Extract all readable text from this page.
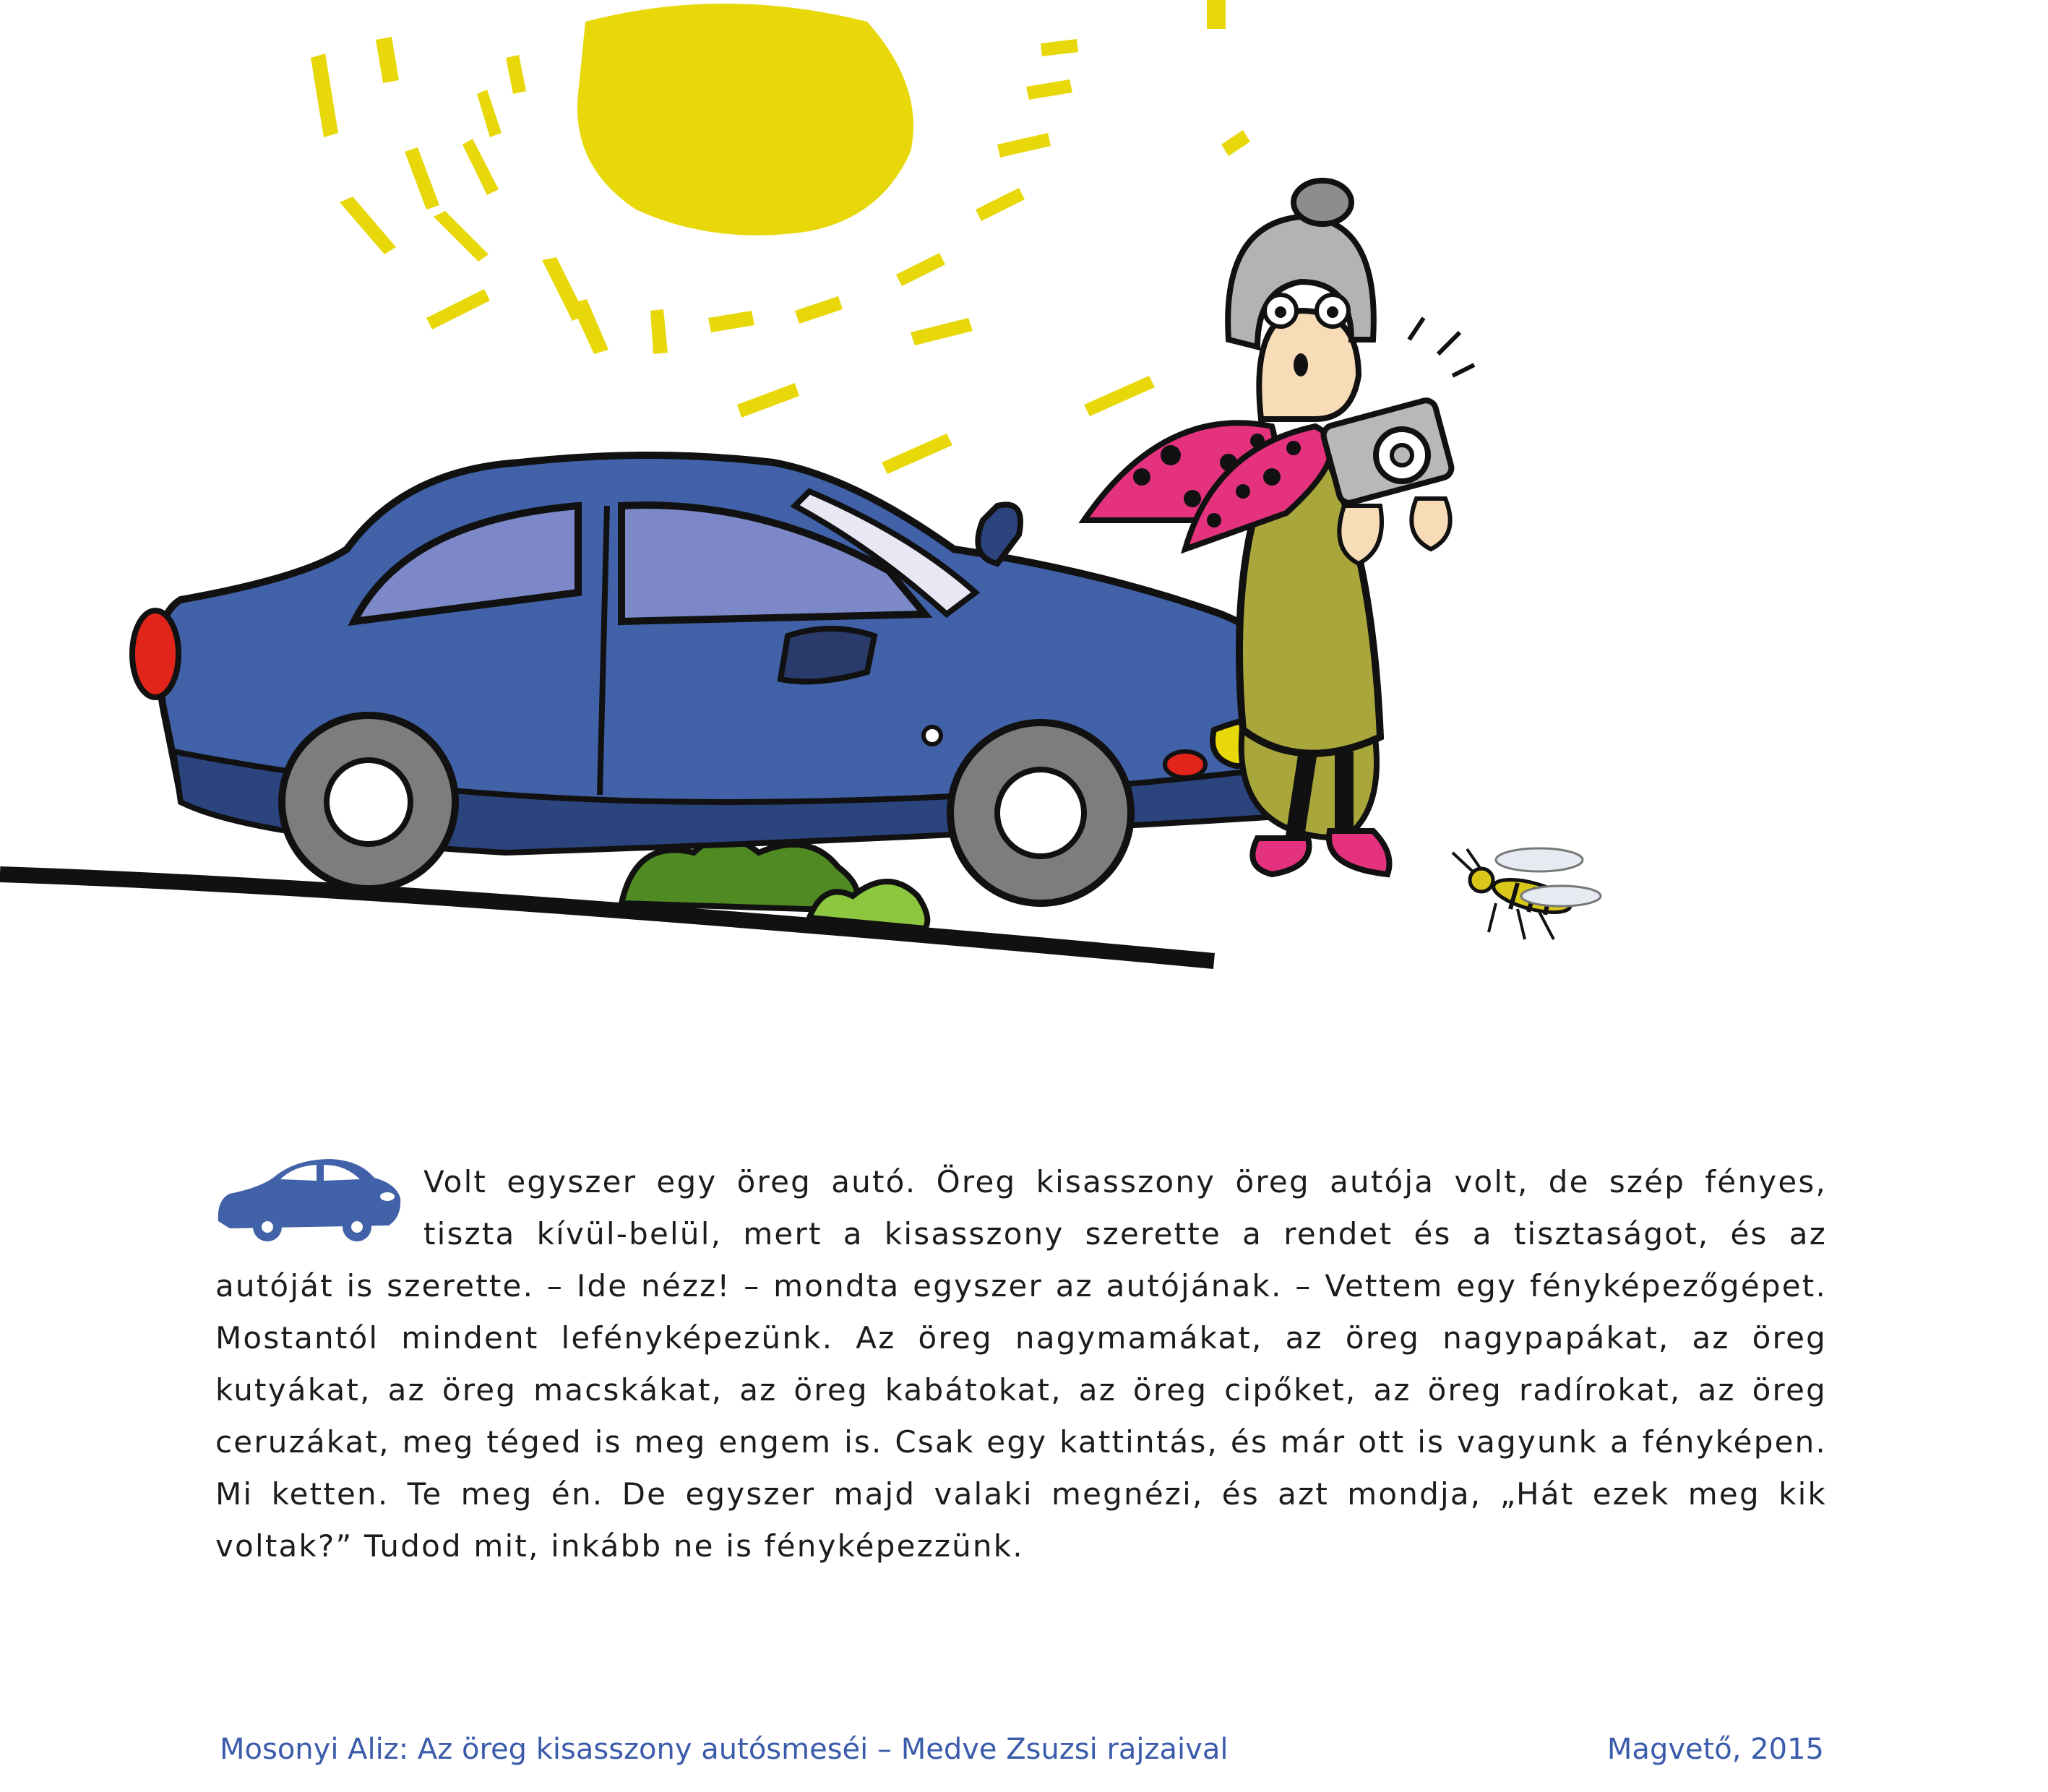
Volt egyszer egy öreg autó. Öreg kisasszony öreg autója volt, de szép fényes, tiszta kívül-belül, mert a kisasszony szerette a rendet és a tisztaságot, és az autóját is szerette. – Ide nézz! – mondta egyszer az autójának. – Vettem egy fényképezőgépet. Mostantól mindent lefényképezünk. Az öreg nagymamákat, az öreg nagypapákat, az öreg kutyákat, az öreg macskákat, az öreg kabátokat, az öreg cipőket, az öreg radírokat, az öreg ceruzákat, meg téged is meg engem is. Csak egy kattintás, és már ott is vagyunk a fényképen. Mi ketten. Te meg én. De egyszer majd valaki megnézi, és azt mondja, „Hát ezek meg kik voltak?” Tudod mit, inkább ne is fényképezzünk.
Mosonyi Aliz: Az öreg kisasszony autósmeséi – Medve Zsuzsi rajzaival	Magvető, 2015
